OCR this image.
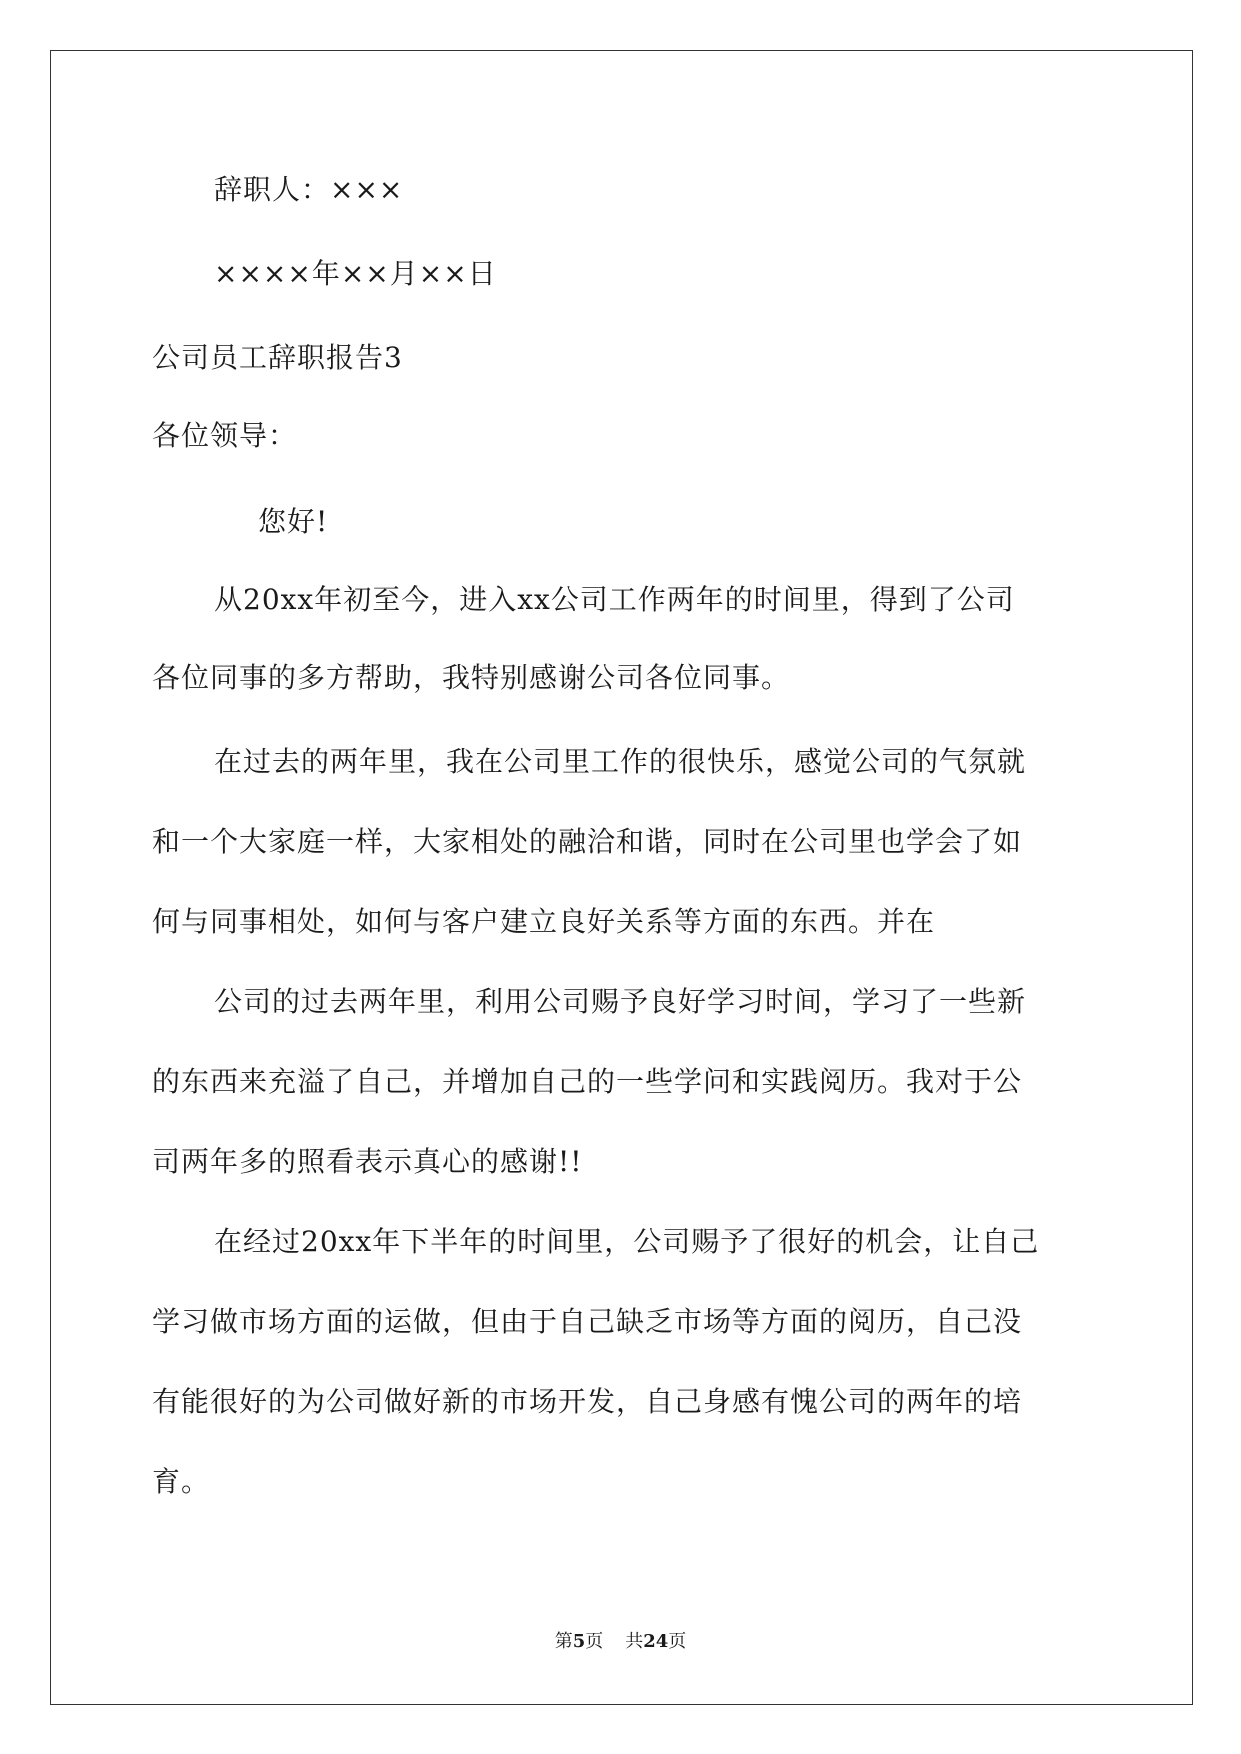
辞职人：×××
××××年××月××日
公司员工辞职报告3
各位领导：
您好!
从20xx年初至今，进入xx公司工作两年的时间里，得到了公司
各位同事的多方帮助，我特别感谢公司各位同事。
在过去的两年里，我在公司里工作的很快乐，感觉公司的气氛就
和一个大家庭一样，大家相处的融洽和谐，同时在公司里也学会了如
何与同事相处，如何与客户建立良好关系等方面的东西。并在
公司的过去两年里，利用公司赐予良好学习时间，学习了一些新
的东西来充溢了自己，并增加自己的一些学问和实践阅历。我对于公
司两年多的照看表示真心的感谢!!
在经过20xx年下半年的时间里，公司赐予了很好的机会，让自己
学习做市场方面的运做，但由于自己缺乏市场等方面的阅历，自己没
有能很好的为公司做好新的市场开发，自己身感有愧公司的两年的培
育。
第5页 共24页
